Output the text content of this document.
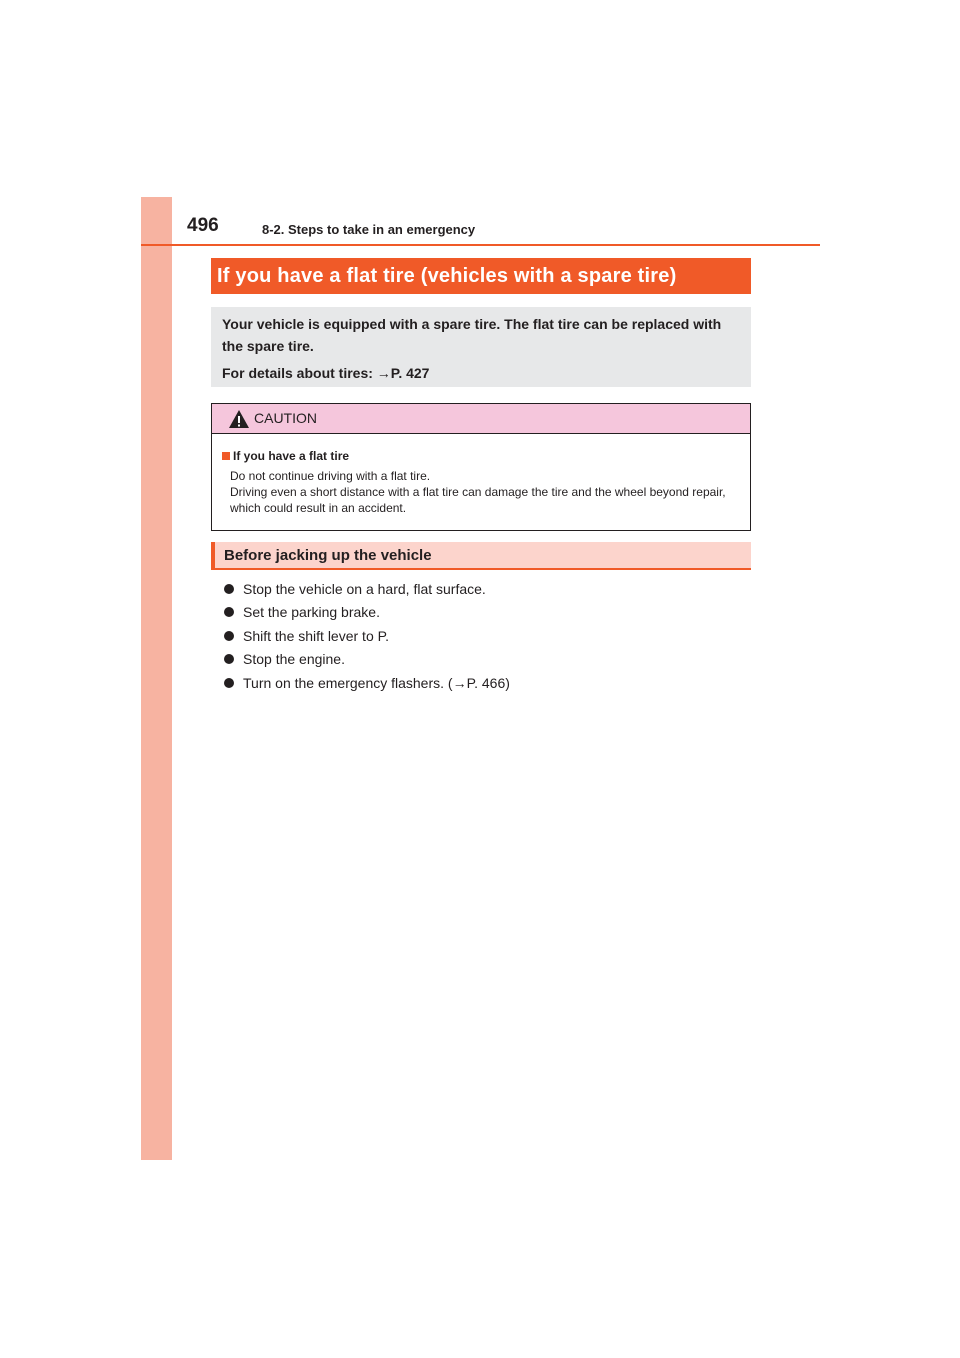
496	8-2. Steps to take in an emergency
If you have a flat tire (vehicles with a spare tire)

Your vehicle is equipped with a spare tire. The flat tire can be replaced with the spare tire.

For details about tires: →P. 427

CAUTION
If you have a flat tire
Do not continue driving with a flat tire.
Driving even a short distance with a flat tire can damage the tire and the wheel beyond repair, which could result in an accident.
Before jacking up the vehicle
Stop the vehicle on a hard, flat surface.
Set the parking brake.
Shift the shift lever to P.
Stop the engine.
Turn on the emergency flashers. (→P. 466)
